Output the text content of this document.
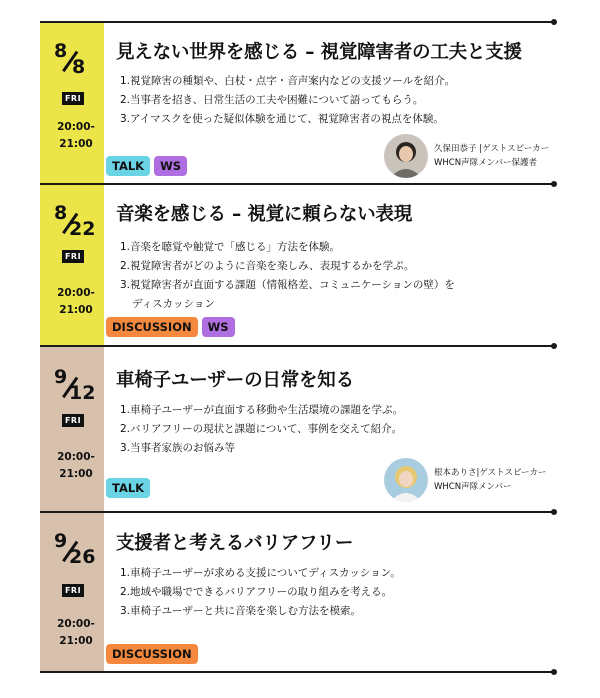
8
8
FRI
20:00-
21:00
見えない世界を感じる – 視覚障害者の工夫と支援
1.視覚障害の種類や、白杖・点字・音声案内などの支援ツールを紹介。
2.当事者を招き、日常生活の工夫や困難について語ってもらう。
3.アイマスクを使った疑似体験を通じて、視覚障害者の視点を体験。
久保田恭子 |ゲストスピーカー
WHCN声隊メンバー保護者
TALK	WS
8
22
FRI
20:00-
21:00
音楽を感じる – 視覚に頼らない表現
1.音楽を聴覚や触覚で「感じる」方法を体験。
2.視覚障害者がどのように音楽を楽しみ、表現するかを学ぶ。
3.視覚障害者が直面する課題（情報格差、コミュニケーションの壁）を
ディスカッション
DISCUSSION	WS
9
12
FRI
20:00-
21:00
車椅子ユーザーの日常を知る
1.車椅子ユーザーが直面する移動や生活環境の課題を学ぶ。
2.バリアフリーの現状と課題について、事例を交えて紹介。
3.当事者家族のお悩み等
根本ありさ|ゲストスピーカー
WHCN声隊メンバー
TALK
9
26
FRI
20:00-
21:00
支援者と考えるバリアフリー
1.車椅子ユーザーが求める支援についてディスカッション。
2.地域や職場でできるバリアフリーの取り組みを考える。
3.車椅子ユーザーと共に音楽を楽しむ方法を模索。
DISCUSSION
